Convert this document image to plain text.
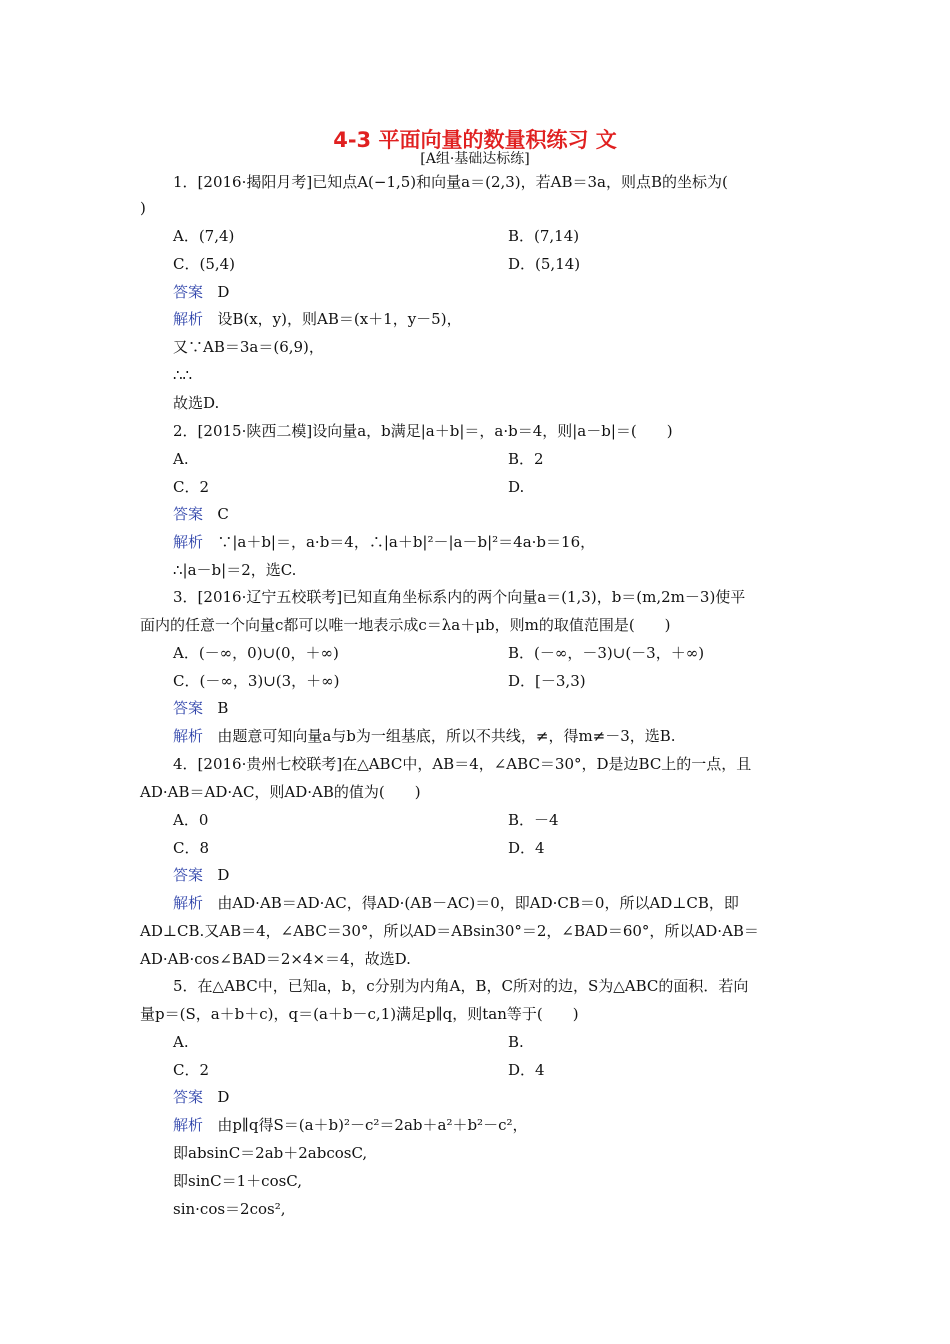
4-3 平面向量的数量积练习 文
[A组·基础达标练]
1．[2016·揭阳月考]已知点A(−1,5)和向量a＝(2,3)，若AB＝3a，则点B的坐标为(
)
A．(7,4)	B．(7,14)
C．(5,4)	D．(5,14)
答案 D
解析 设B(x，y)，则AB＝(x＋1，y－5)，
又∵AB＝3a＝(6,9)，
∴∴
故选D.
2．[2015·陕西二模]设向量a，b满足|a＋b|＝，a·b＝4，则|a－b|＝(　　)
A.	B．2
C．2	D.
答案 C
解析 ∵|a＋b|＝，a·b＝4，∴|a＋b|²－|a－b|²＝4a·b＝16，
∴|a－b|＝2，选C.
3．[2016·辽宁五校联考]已知直角坐标系内的两个向量a＝(1,3)，b＝(m,2m－3)使平
面内的任意一个向量c都可以唯一地表示成c＝λa＋μb，则m的取值范围是(　　)
A．(－∞，0)∪(0，＋∞)	B．(－∞，－3)∪(－3，＋∞)
C．(－∞，3)∪(3，＋∞)	D．[－3,3)
答案 B
解析 由题意可知向量a与b为一组基底，所以不共线，≠，得m≠－3，选B.
4．[2016·贵州七校联考]在△ABC中，AB＝4，∠ABC＝30°，D是边BC上的一点，且
AD·AB＝AD·AC，则AD·AB的值为(　　)
A．0	B．－4
C．8	D．4
答案 D
解析 由AD·AB＝AD·AC，得AD·(AB－AC)＝0，即AD·CB＝0，所以AD⊥CB，即
AD⊥CB.又AB＝4，∠ABC＝30°，所以AD＝ABsin30°＝2，∠BAD＝60°，所以AD·AB＝
AD·AB·cos∠BAD＝2×4×＝4，故选D.
5．在△ABC中，已知a，b，c分别为内角A，B，C所对的边，S为△ABC的面积．若向
量p＝(S，a＋b＋c)，q＝(a＋b－c,1)满足p∥q，则tan等于(　　)
A.	B.
C．2	D．4
答案 D
解析 由p∥q得S＝(a＋b)²－c²＝2ab＋a²＋b²－c²，
即absinC＝2ab＋2abcosC,
即sinC＝1＋cosC,
sin·cos＝2cos²,
